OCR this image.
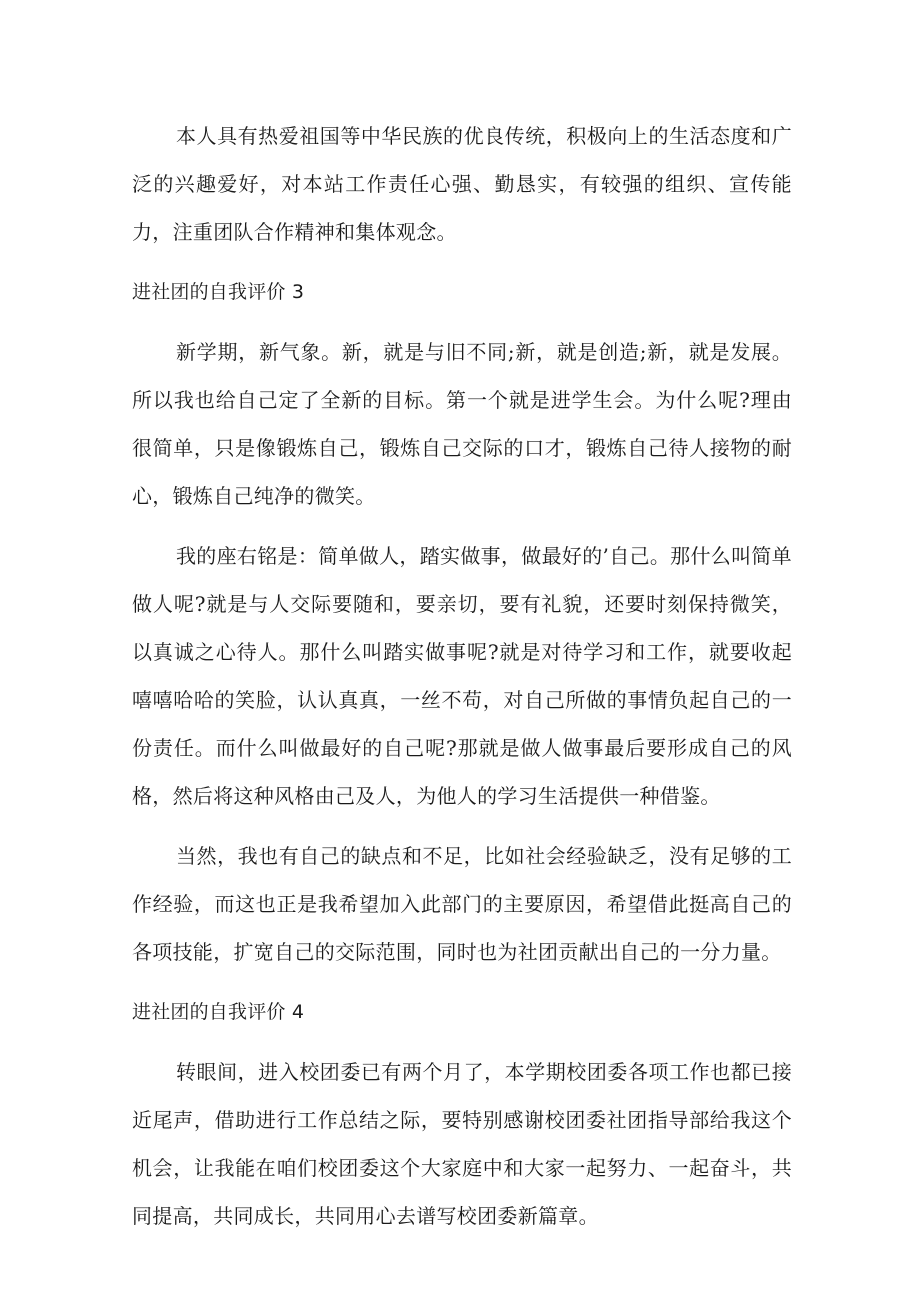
本人具有热爱祖国等中华民族的优良传统，积极向上的生活态度和广泛的兴趣爱好，对本站工作责任心强、勤恳实，有较强的组织、宣传能力，注重团队合作精神和集体观念。

进社团的自我评价 3

新学期，新气象。新，就是与旧不同;新，就是创造;新，就是发展。所以我也给自己定了全新的目标。第一个就是进学生会。为什么呢?理由很简单，只是像锻炼自己，锻炼自己交际的口才，锻炼自己待人接物的耐心，锻炼自己纯净的微笑。

我的座右铭是：简单做人，踏实做事，做最好的’自己。那什么叫简单做人呢?就是与人交际要随和，要亲切，要有礼貌，还要时刻保持微笑，以真诚之心待人。那什么叫踏实做事呢?就是对待学习和工作，就要收起嘻嘻哈哈的笑脸，认认真真，一丝不苟，对自己所做的事情负起自己的一份责任。而什么叫做最好的自己呢?那就是做人做事最后要形成自己的风格，然后将这种风格由己及人，为他人的学习生活提供一种借鉴。

当然，我也有自己的缺点和不足，比如社会经验缺乏，没有足够的工作经验，而这也正是我希望加入此部门的主要原因，希望借此挺高自己的各项技能，扩宽自己的交际范围，同时也为社团贡献出自己的一分力量。

进社团的自我评价 4

转眼间，进入校团委已有两个月了，本学期校团委各项工作也都已接近尾声，借助进行工作总结之际，要特别感谢校团委社团指导部给我这个机会，让我能在咱们校团委这个大家庭中和大家一起努力、一起奋斗，共同提高，共同成长，共同用心去谱写校团委新篇章。
